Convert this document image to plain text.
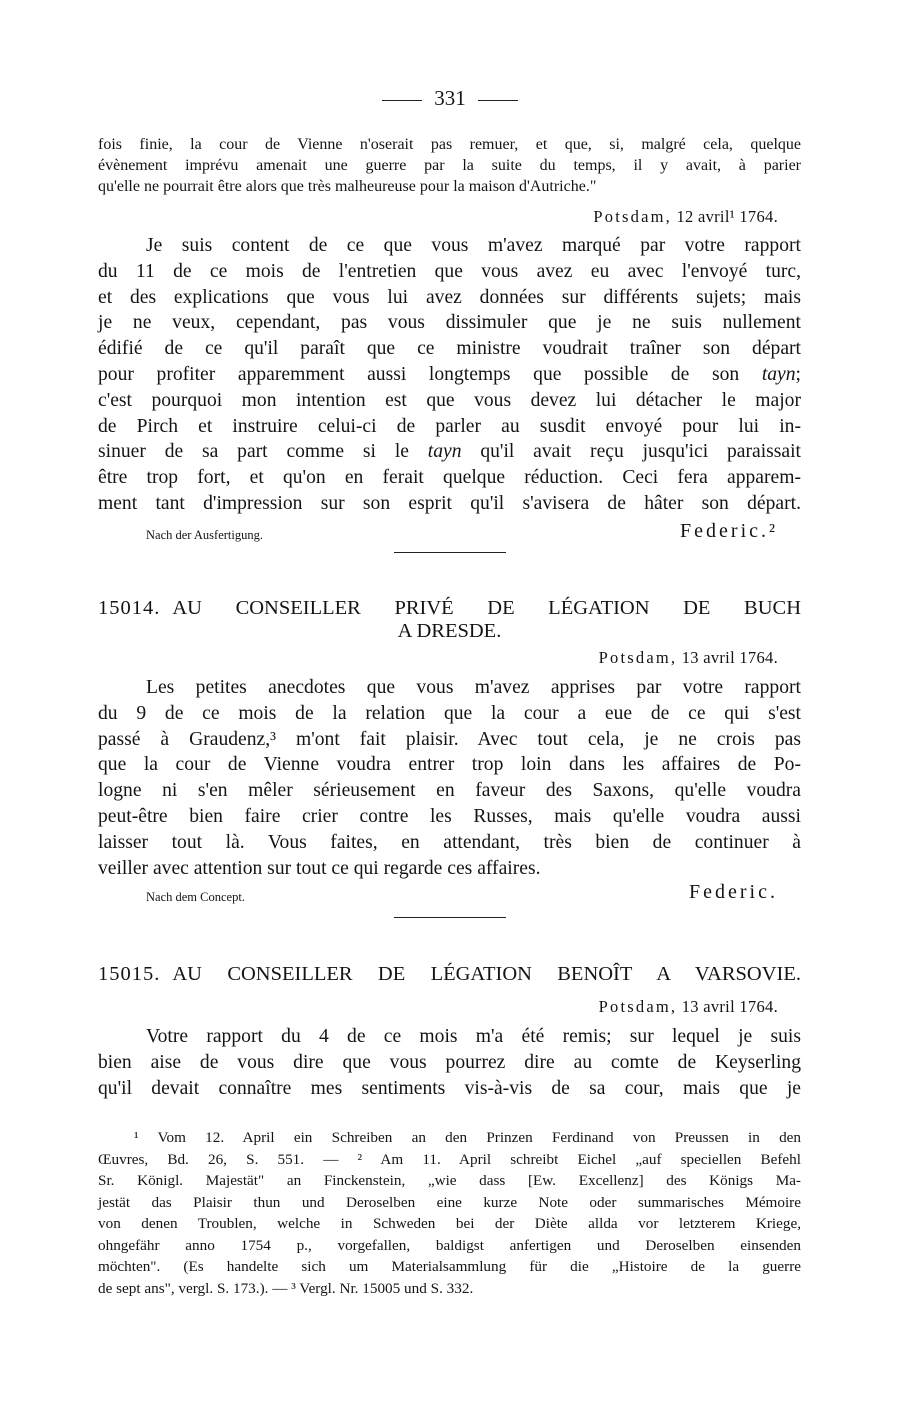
331
fois finie, la cour de Vienne n'oserait pas remuer, et que, si, malgré cela, quelque
évènement imprévu amenait une guerre par la suite du temps, il y avait, à parier
qu'elle ne pourrait être alors que très malheureuse pour la maison d'Autriche."
Potsdam, 12 avril¹ 1764.
Je suis content de ce que vous m'avez marqué par votre rapport
du 11 de ce mois de l'entretien que vous avez eu avec l'envoyé turc,
et des explications que vous lui avez données sur différents sujets; mais
je ne veux, cependant, pas vous dissimuler que je ne suis nullement
édifié de ce qu'il paraît que ce ministre voudrait traîner son départ
pour profiter apparemment aussi longtemps que possible de son tayn;
c'est pourquoi mon intention est que vous devez lui détacher le major
de Pirch et instruire celui-ci de parler au susdit envoyé pour lui in-
sinuer de sa part comme si le tayn qu'il avait reçu jusqu'ici paraissait
être trop fort, et qu'on en ferait quelque réduction. Ceci fera apparem-
ment tant d'impression sur son esprit qu'il s'avisera de hâter son départ.
Nach der Ausfertigung.	Federic.²
15014. AU CONSEILLER PRIVÉ DE LÉGATION DE BUCH
A DRESDE.
Potsdam, 13 avril 1764.
Les petites anecdotes que vous m'avez apprises par votre rapport
du 9 de ce mois de la relation que la cour a eue de ce qui s'est
passé à Graudenz,³ m'ont fait plaisir. Avec tout cela, je ne crois pas
que la cour de Vienne voudra entrer trop loin dans les affaires de Po-
logne ni s'en mêler sérieusement en faveur des Saxons, qu'elle voudra
peut-être bien faire crier contre les Russes, mais qu'elle voudra aussi
laisser tout là. Vous faites, en attendant, très bien de continuer à
veiller avec attention sur tout ce qui regarde ces affaires.
Nach dem Concept.	Federic.
15015. AU CONSEILLER DE LÉGATION BENOÎT A VARSOVIE.
Potsdam, 13 avril 1764.
Votre rapport du 4 de ce mois m'a été remis; sur lequel je suis
bien aise de vous dire que vous pourrez dire au comte de Keyserling
qu'il devait connaître mes sentiments vis-à-vis de sa cour, mais que je
¹ Vom 12. April ein Schreiben an den Prinzen Ferdinand von Preussen in den
Œuvres, Bd. 26, S. 551. — ² Am 11. April schreibt Eichel „auf speciellen Befehl
Sr. Königl. Majestät" an Finckenstein, „wie dass [Ew. Excellenz] des Königs Ma-
jestät das Plaisir thun und Deroselben eine kurze Note oder summarisches Mémoire
von denen Troublen, welche in Schweden bei der Diète allda vor letzterem Kriege,
ohngefähr anno 1754 p., vorgefallen, baldigst anfertigen und Deroselben einsenden
möchten". (Es handelte sich um Materialsammlung für die „Histoire de la guerre
de sept ans", vergl. S. 173.). — ³ Vergl. Nr. 15005 und S. 332.
